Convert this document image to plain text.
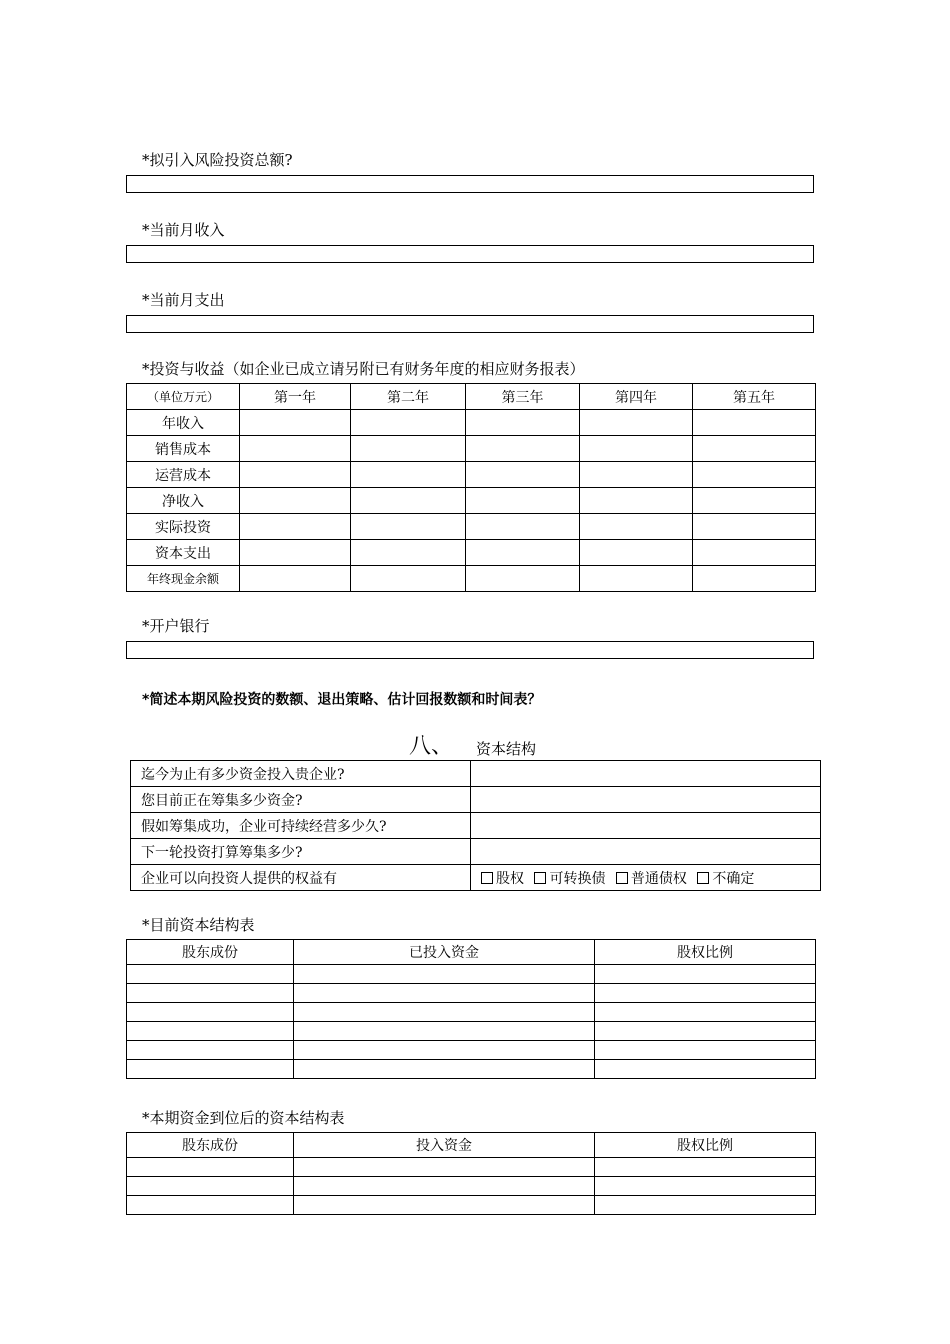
*拟引入风险投资总额?
*当前月收入
*当前月支出
*投资与收益（如企业已成立请另附已有财务年度的相应财务报表）
（单位万元）	第一年	第二年	第三年	第四年	第五年
年收入					
销售成本					
运营成本					
净收入					
实际投资					
资本支出					
年终现金余额					
*开户银行
*简述本期风险投资的数额、退出策略、估计回报数额和时间表？
八、 资本结构
迄今为止有多少资金投入贵企业?	
您目前正在筹集多少资金?	
假如筹集成功，企业可持续经营多少久?	
下一轮投资打算筹集多少?	
企业可以向投资人提供的权益有	股权 可转换债 普通债权 不确定
*目前资本结构表
股东成份	已投入资金	股权比例

*本期资金到位后的资本结构表
股东成份	投入资金	股权比例
